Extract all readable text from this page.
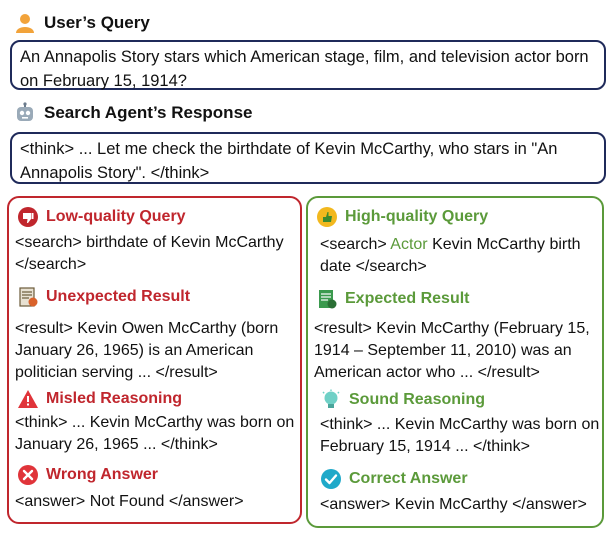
User’s Query
An Annapolis Story stars which American stage, film, and television actor born on February 15, 1914?
Search Agent’s Response
<think> ... Let me check the birthdate of Kevin McCarthy, who stars in "An Annapolis Story". </think>
Low-quality Query
<search> birthdate of Kevin McCarthy </search>
Unexpected Result
<result> Kevin Owen McCarthy (born January 26, 1965) is an American politician serving ... </result>
Misled Reasoning
<think> ... Kevin McCarthy was born on January 26, 1965 ... </think>
Wrong Answer
<answer> Not Found </answer>
High-quality Query
<search> Actor Kevin McCarthy birth date </search>
Expected Result
<result> Kevin McCarthy (February 15, 1914 – September 11, 2010) was an American actor who ... </result>
Sound Reasoning
<think> ... Kevin McCarthy was born on February 15, 1914 ... </think>
Correct Answer
<answer> Kevin McCarthy </answer>
